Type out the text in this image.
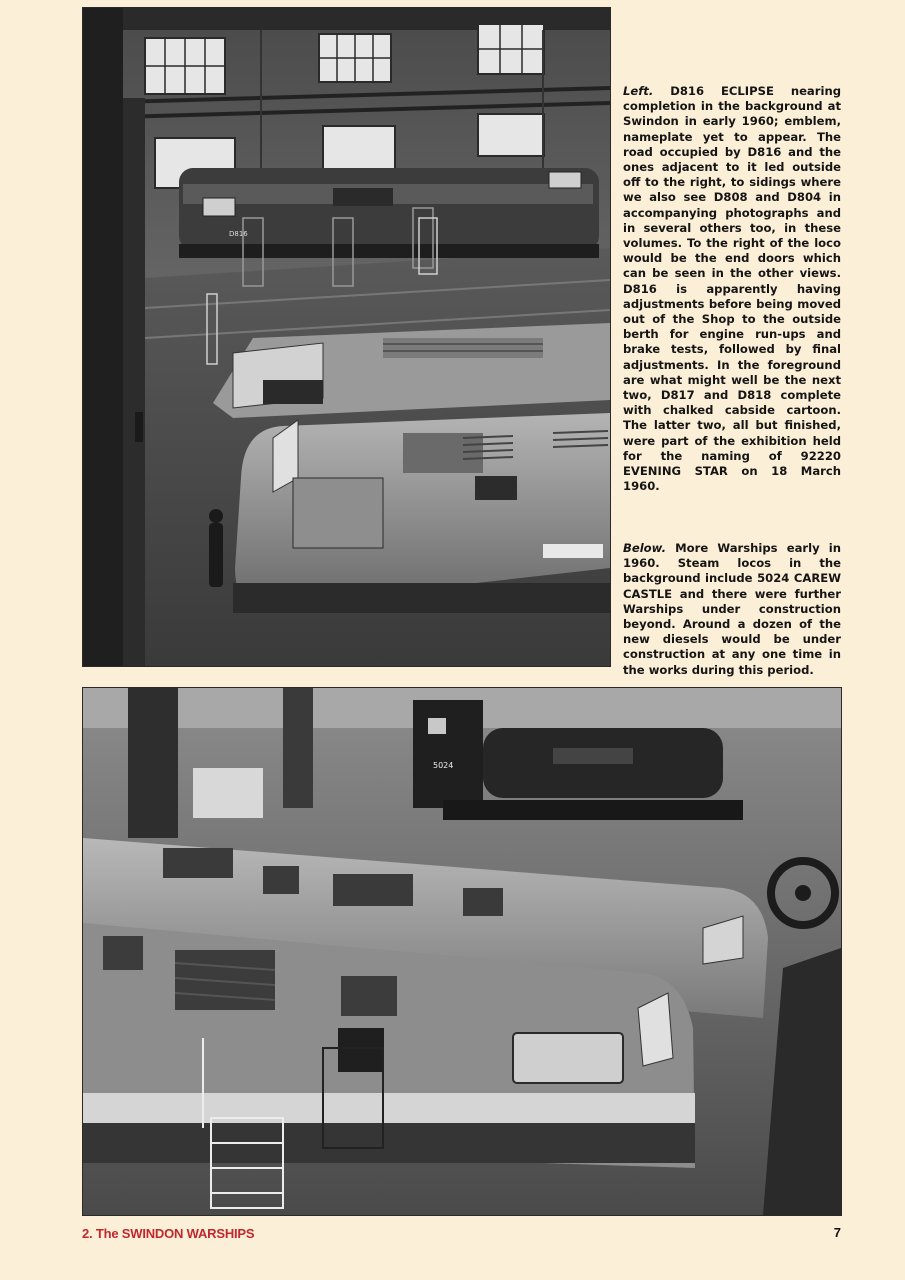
D816

Left. D816 ECLIPSE nearing completion in the background at Swindon in early 1960; emblem, nameplate yet to appear. The road occupied by D816 and the ones adjacent to it led outside off to the right, to sidings where we also see D808 and D804 in accompanying photographs and in several others too, in these volumes. To the right of the loco would be the end doors which can be seen in the other views. D816 is apparently having adjustments before being moved out of the Shop to the outside berth for engine run-ups and brake tests, followed by final adjustments. In the foreground are what might well be the next two, D817 and D818 complete with chalked cabside cartoon. The latter two, all but finished, were part of the exhibition held for the naming of 92220 EVENING STAR on 18 March 1960.

Below. More Warships early in 1960. Steam locos in the background include 5024 CAREW CASTLE and there were further Warships under construction beyond. Around a dozen of the new diesels would be under construction at any one time in the works during this period.

5024
2. The SWINDON WARSHIPS	7
